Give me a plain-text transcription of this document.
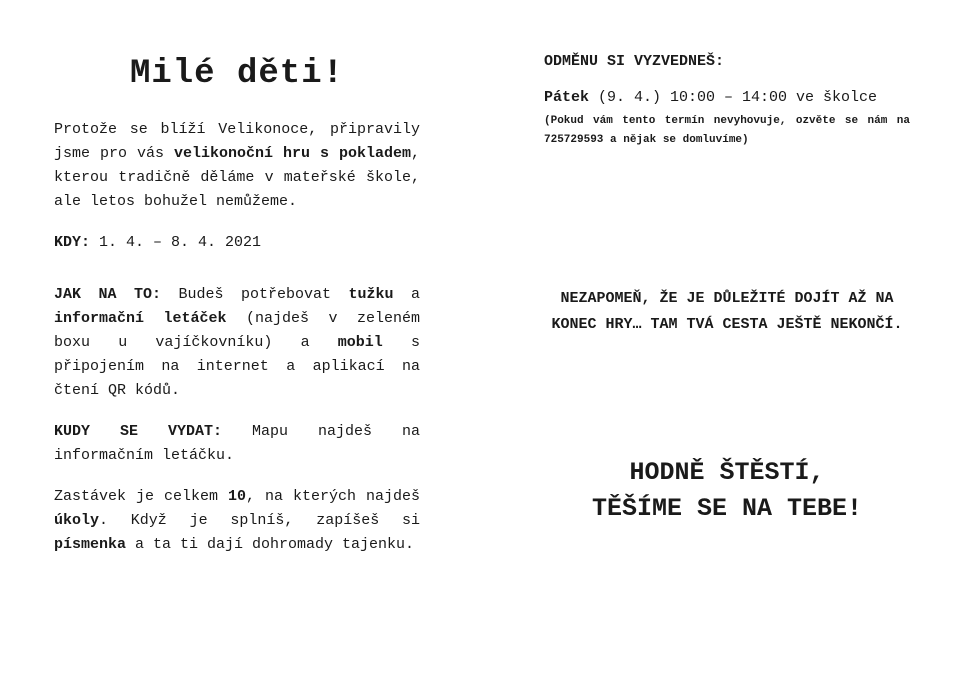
Milé děti!

Protože se blíží Velikonoce, připravily jsme pro vás velikonoční hru s pokladem, kterou tradičně děláme v mateřské škole, ale letos bohužel nemůžeme.

KDY: 1. 4. – 8. 4. 2021

JAK NA TO: Budeš potřebovat tužku a informační letáček (najdeš v zeleném boxu u vajíčkovníku) a mobil s připojením na internet a aplikací na čtení QR kódů.

KUDY SE VYDAT: Mapu najdeš na informačním letáčku.

Zastávek je celkem 10, na kterých najdeš úkoly. Když je splníš, zapíšeš si písmenka a ta ti dají dohromady tajenku.

ODMĚNU SI VYZVEDNEŠ:

Pátek (9. 4.) 10:00 – 14:00 ve školce
(Pokud vám tento termín nevyhovuje, ozvěte se nám na 725729593 a nějak se domluvíme)
NEZAPOMEŇ, ŽE JE DŮLEŽITÉ DOJÍT AŽ NA KONEC HRY… TAM TVÁ CESTA JEŠTĚ NEKONČÍ.
HODNĚ ŠTĚSTÍ,
TĚŠÍME SE NA TEBE!
